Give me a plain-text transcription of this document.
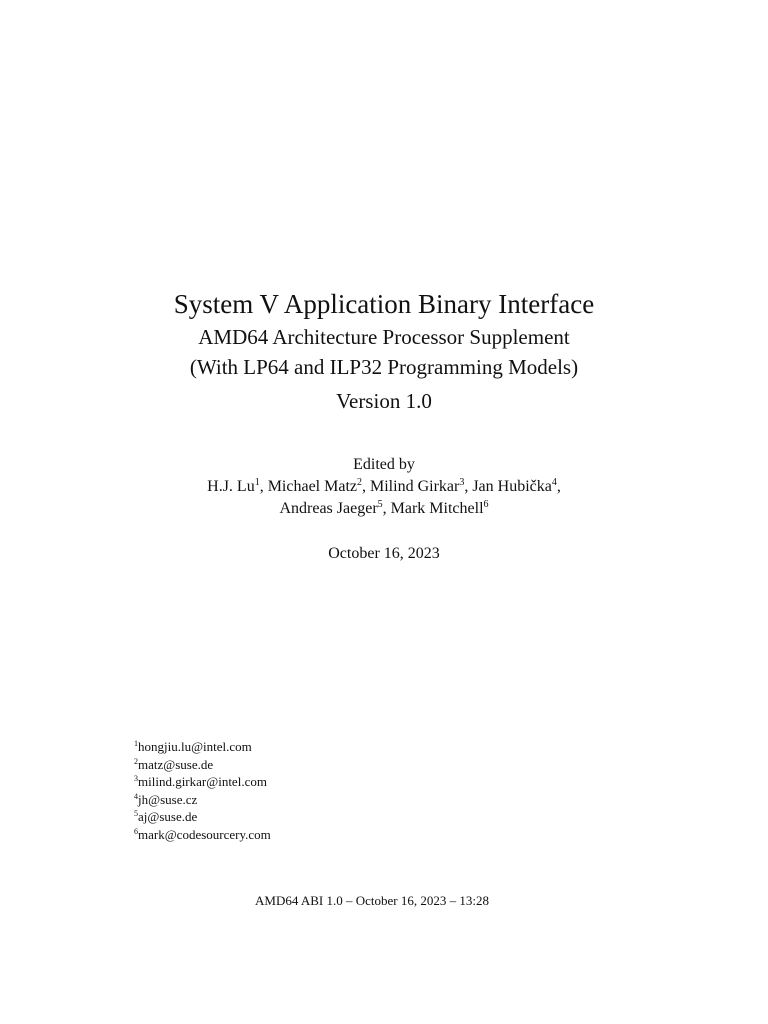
System V Application Binary Interface
AMD64 Architecture Processor Supplement
(With LP64 and ILP32 Programming Models)
Version 1.0
Edited by
H.J. Lu$^1$, Michael Matz$^2$, Milind Girkar$^3$, Jan Hubička$^4$,
Andreas Jaeger$^5$, Mark Mitchell$^6$
October 16, 2023
$^1$hongjiu.lu@intel.com
$^2$matz@suse.de
$^3$milind.girkar@intel.com
$^4$jh@suse.cz
$^5$aj@suse.de
$^6$mark@codesourcery.com
AMD64 ABI 1.0 – October 16, 2023 – 13:28
